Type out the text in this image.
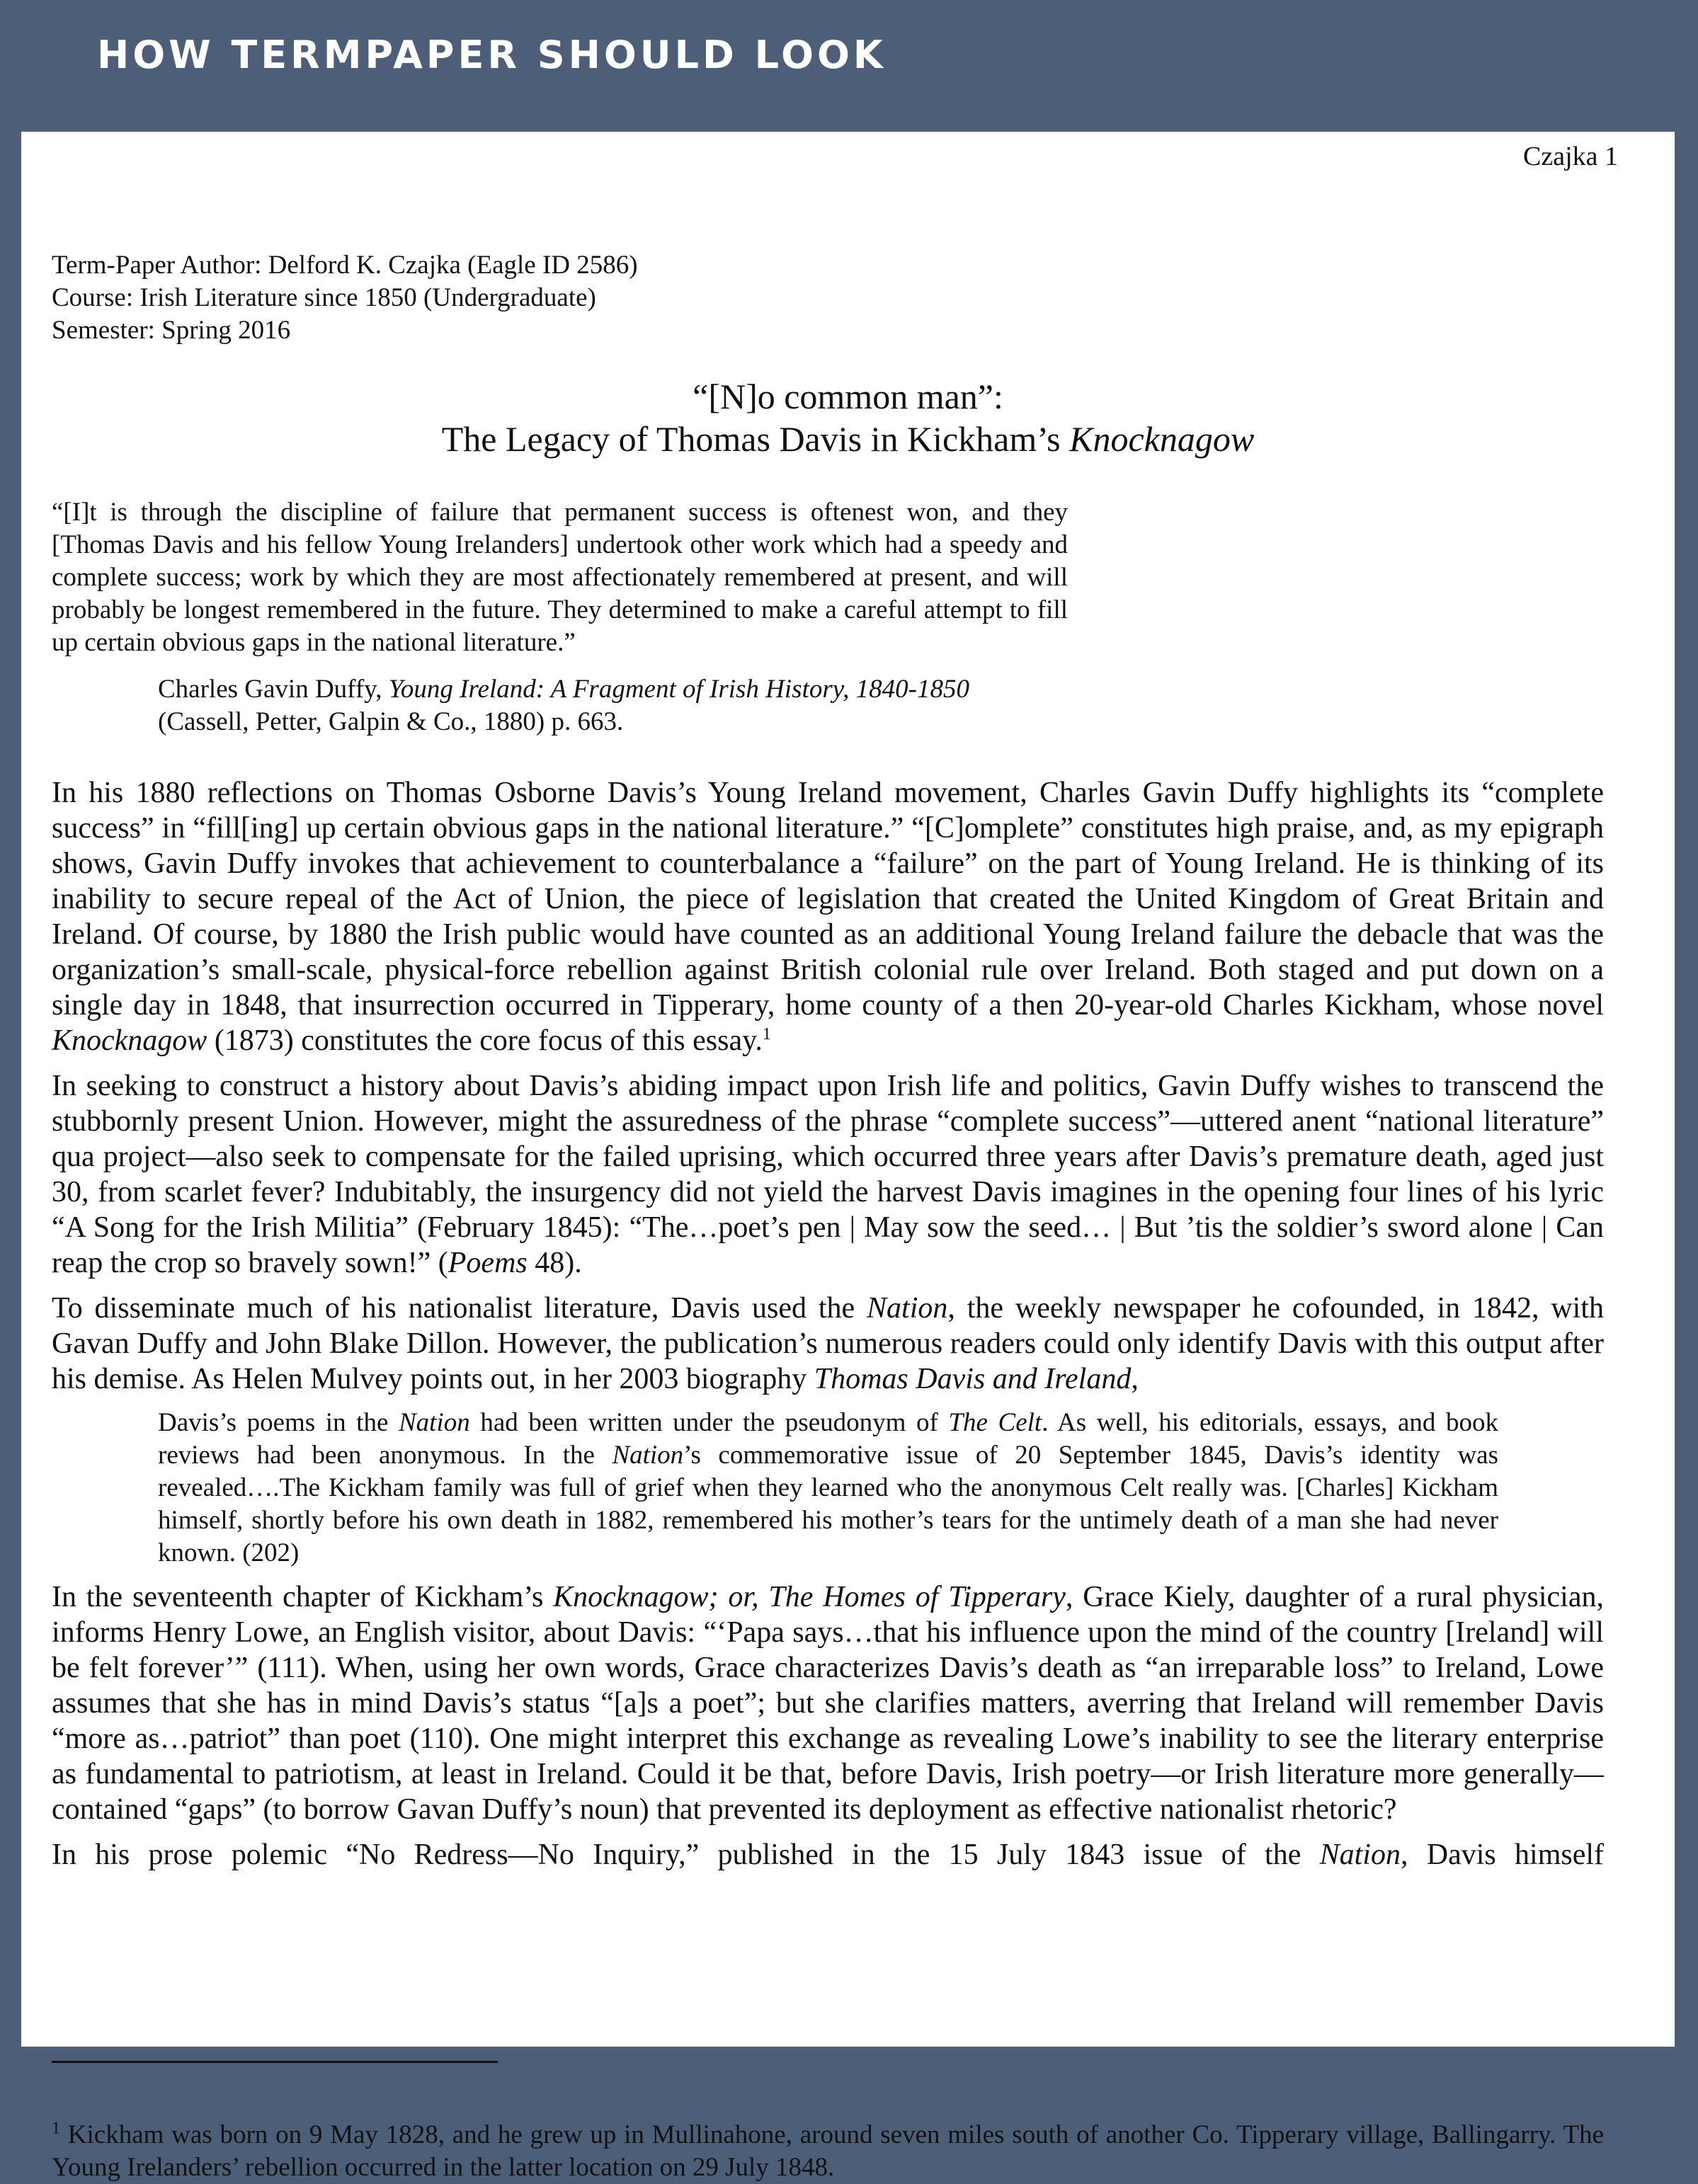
HOW TERMPAPER SHOULD LOOK
Czajka 1
Term-Paper Author: Delford K. Czajka (Eagle ID 2586)
Course: Irish Literature since 1850 (Undergraduate)
Semester: Spring 2016
“[N]o common man”:
The Legacy of Thomas Davis in Kickham’s Knocknagow
“[I]t is through the discipline of failure that permanent success is oftenest won, and they [Thomas Davis and his fellow Young Irelanders] undertook other work which had a speedy and complete success; work by which they are most affectionately remembered at present, and will probably be longest remembered in the future. They determined to make a careful attempt to fill up certain obvious gaps in the national literature.”
Charles Gavin Duffy, Young Ireland: A Fragment of Irish History, 1840-1850
(Cassell, Petter, Galpin & Co., 1880) p. 663.

In his 1880 reflections on Thomas Osborne Davis’s Young Ireland movement, Charles Gavin Duffy highlights its “complete success” in “fill[ing] up certain obvious gaps in the national literature.” “[C]omplete” constitutes high praise, and, as my epigraph shows, Gavin Duffy invokes that achievement to counterbalance a “failure” on the part of Young Ireland. He is thinking of its inability to secure repeal of the Act of Union, the piece of legislation that created the United Kingdom of Great Britain and Ireland. Of course, by 1880 the Irish public would have counted as an additional Young Ireland failure the debacle that was the organization’s small-scale, physical-force rebellion against British colonial rule over Ireland. Both staged and put down on a single day in 1848, that insurrection occurred in Tipperary, home county of a then 20-year-old Charles Kickham, whose novel Knocknagow (1873) constitutes the core focus of this essay.$^1$

In seeking to construct a history about Davis’s abiding impact upon Irish life and politics, Gavin Duffy wishes to transcend the stubbornly present Union. However, might the assuredness of the phrase “complete success”—uttered anent “national literature” qua project—also seek to compensate for the failed uprising, which occurred three years after Davis’s premature death, aged just 30, from scarlet fever? Indubitably, the insurgency did not yield the harvest Davis imagines in the opening four lines of his lyric “A Song for the Irish Militia” (February 1845): “The…poet’s pen | May sow the seed… | But ’tis the soldier’s sword alone | Can reap the crop so bravely sown!” (Poems 48).

To disseminate much of his nationalist literature, Davis used the Nation, the weekly newspaper he cofounded, in 1842, with Gavan Duffy and John Blake Dillon. However, the publication’s numerous readers could only identify Davis with this output after his demise. As Helen Mulvey points out, in her 2003 biography Thomas Davis and Ireland,

Davis’s poems in the Nation had been written under the pseudonym of The Celt. As well, his editorials, essays, and book reviews had been anonymous. In the Nation’s commemorative issue of 20 September 1845, Davis’s identity was revealed….The Kickham family was full of grief when they learned who the anonymous Celt really was. [Charles] Kickham himself, shortly before his own death in 1882, remembered his mother’s tears for the untimely death of a man she had never known. (202)

In the seventeenth chapter of Kickham’s Knocknagow; or, The Homes of Tipperary, Grace Kiely, daughter of a rural physician, informs Henry Lowe, an English visitor, about Davis: “‘Papa says…that his influence upon the mind of the country [Ireland] will be felt forever’” (111). When, using her own words, Grace characterizes Davis’s death as “an irreparable loss” to Ireland, Lowe assumes that she has in mind Davis’s status “[a]s a poet”; but she clarifies matters, averring that Ireland will remember Davis “more as…patriot” than poet (110). One might interpret this exchange as revealing Lowe’s inability to see the literary enterprise as fundamental to patriotism, at least in Ireland. Could it be that, before Davis, Irish poetry—or Irish literature more generally—contained “gaps” (to borrow Gavan Duffy’s noun) that prevented its deployment as effective nationalist rhetoric?

In his prose polemic “No Redress—No Inquiry,” published in the 15 July 1843 issue of the Nation, Davis himself

$^1$ Kickham was born on 9 May 1828, and he grew up in Mullinahone, around seven miles south of another Co. Tipperary village, Ballingarry. The Young Irelanders’ rebellion occurred in the latter location on 29 July 1848.
